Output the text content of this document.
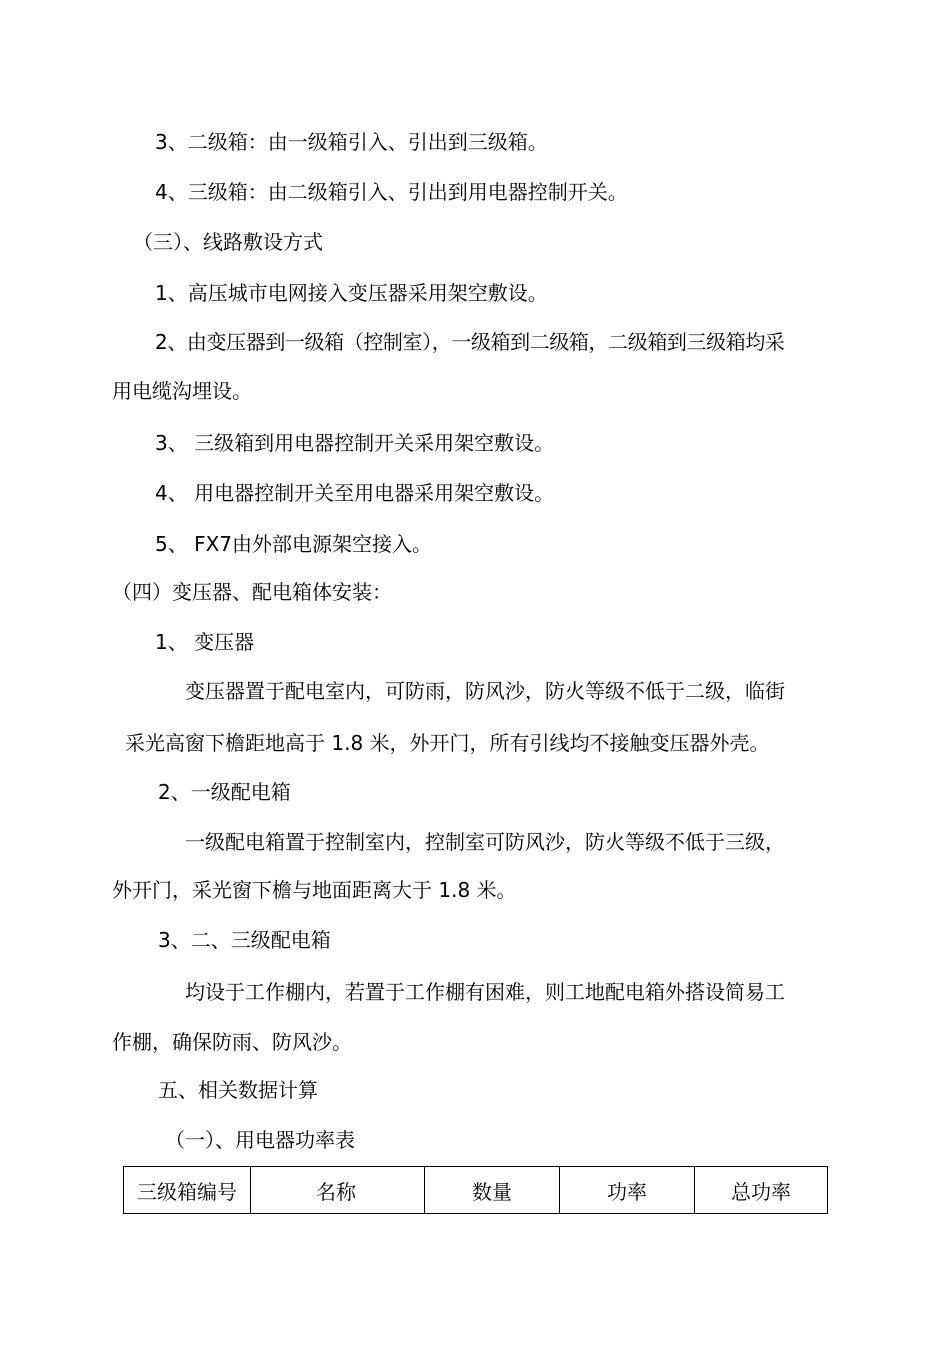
3、二级箱：由一级箱引入、引出到三级箱。
4、三级箱：由二级箱引入、引出到用电器控制开关。
（三）、线路敷设方式
1、高压城市电网接入变压器采用架空敷设。
2、由变压器到一级箱（控制室），一级箱到二级箱，二级箱到三级箱均采
用电缆沟埋设。
3、 三级箱到用电器控制开关采用架空敷设。
4、 用电器控制开关至用电器采用架空敷设。
5、 FX7由外部电源架空接入。
（四）变压器、配电箱体安装：
1、 变压器
变压器置于配电室内，可防雨，防风沙，防火等级不低于二级，临街
采光高窗下檐距地高于 1.8 米，外开门，所有引线均不接触变压器外壳。
2、一级配电箱
一级配电箱置于控制室内，控制室可防风沙，防火等级不低于三级，
外开门，采光窗下檐与地面距离大于 1.8 米。
3、二、三级配电箱
均设于工作棚内，若置于工作棚有困难，则工地配电箱外搭设简易工
作棚，确保防雨、防风沙。
五、相关数据计算
（一）、用电器功率表
三级箱编号	名称	数量	功率	总功率
